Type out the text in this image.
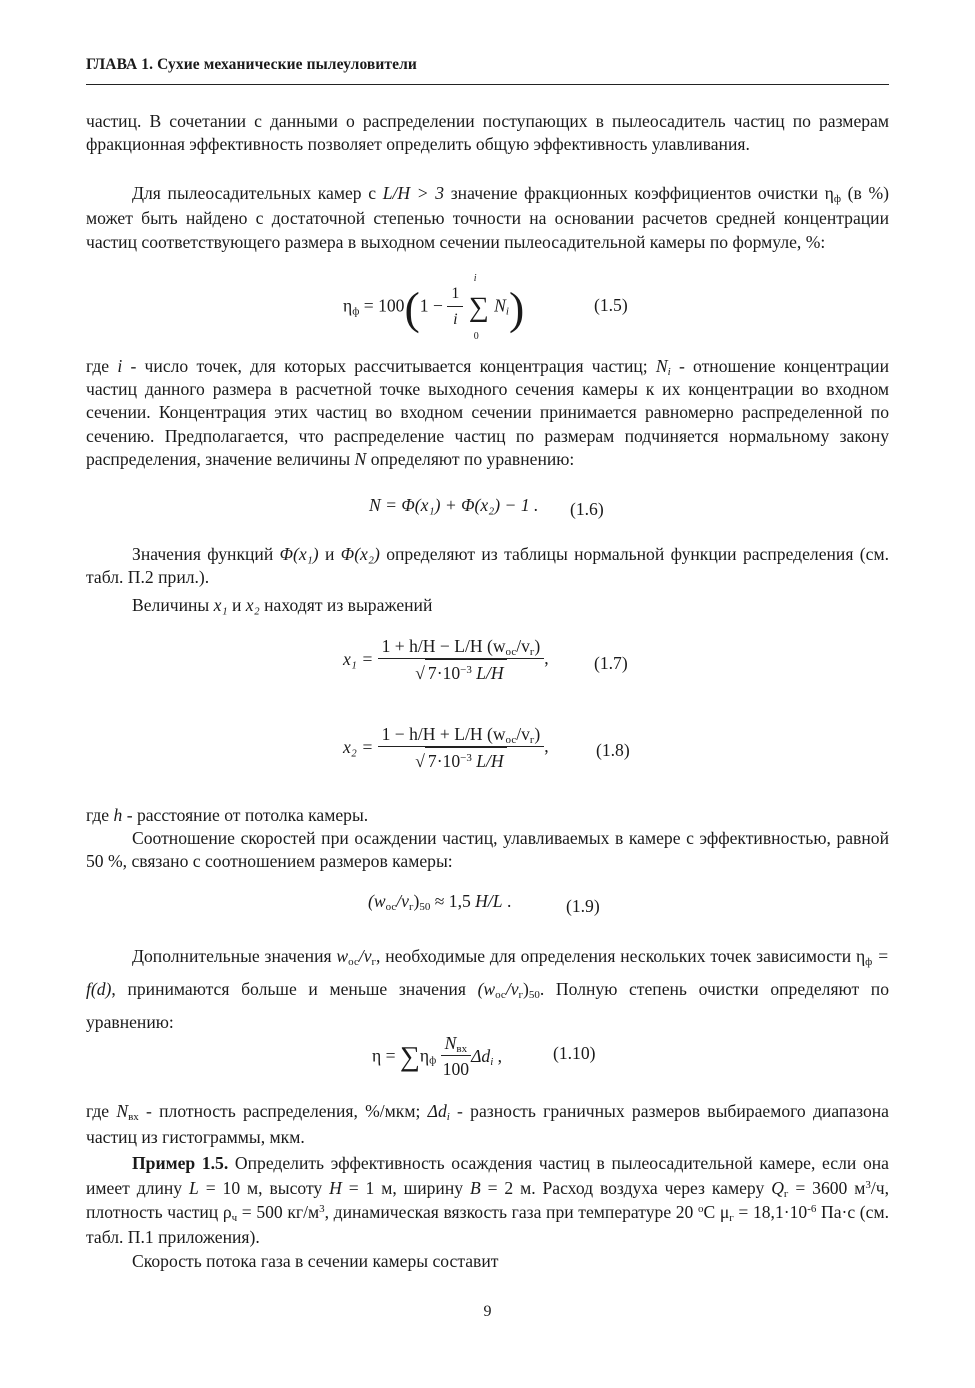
ГЛАВА 1. Сухие механические пылеуловители
частиц. В сочетании с данными о распределении поступающих в пылеосадитель частиц по размерам фракционная эффективность позволяет определить общую эффективность улавливания.
Для пылеосадительных камер с L/H > 3 значение фракционных коэффициентов очистки $\eta_ф$ (в %) может быть найдено с достаточной степенью точности на основании расчетов средней концентрации частиц соответствующего размера в выходном сечении пылеосадительной камеры по формуле, %:
$\eta_ф = 100(1 - \frac{1}{i}$

i
∑
0
$N_i$)	(1.5)
где i - число точек, для которых рассчитывается концентрация частиц; $N_i$ - отношение концентрации частиц данного размера в расчетной точке выходного сечения камеры к их концентрации во входном сечении. Концентрация этих частиц во входном сечении принимается равномерно распределенной по сечению. Предполагается, что распределение частиц по размерам подчиняется нормальному закону распределения, значение величины N определяют по уравнению:
N = Φ(x₁) + Φ(x₂) − 1 . (1.6)
Значения функций Φ(x₁) и Φ(x₂) определяют из таблицы нормальной функции распределения (см. табл. П.2 прил.).
Величины x₁ и x₂ находят из выражений
$x_1 = \frac{1 + h/H - L/H (w_{ос}/v_г)}{√ 7\cdot 10^{-3} L/H}$ ,	(1.7)
$x_2 = \frac{1 - h/H + L/H (w_{ос}/v_г)}{√ 7\cdot 10^{-3} L/H}$ ,	(1.8)
где h - расстояние от потолка камеры.
Соотношение скоростей при осаждении частиц, улавливаемых в камере с эффективностью, равной 50 %, связано с соотношением размеров камеры:
$(w_{ос}/v_г)_{50} \approx 1,5$ H/L .	(1.9)
Дополнительные значения $w_{ос}/v_г$, необходимые для определения нескольких точек зависимости $\eta_ф = f(d)$, принимаются больше и меньше значения $(w_{ос}/v_г)_{50}$. Полную степень очистки определяют по уравнению:
$\eta = \sum\eta_ф \frac{N_{вх}}{100} \Delta d_i$ ,	(1.10)
где $N_{вх}$ - плотность распределения, %/мкм; $\Delta d_i$ - разность граничных размеров выбираемого диапазона частиц из гистограммы, мкм.
Пример 1.5. Определить эффективность осаждения частиц в пылеосадительной камере, если она имеет длину L = 10 м, высоту H = 1 м, ширину B = 2 м. Расход воздуха через камеру $Q_г = 3600$ $м^3/ч$, плотность частиц $\rho_ч = 500$ $кг/м^3$, динамическая вязкость газа при температуре 20 $^о$С $\mu_г = 18,1\cdot 10^{-6}$ Па·с (см. табл. П.1 приложения).
Скорость потока газа в сечении камеры составит
9
